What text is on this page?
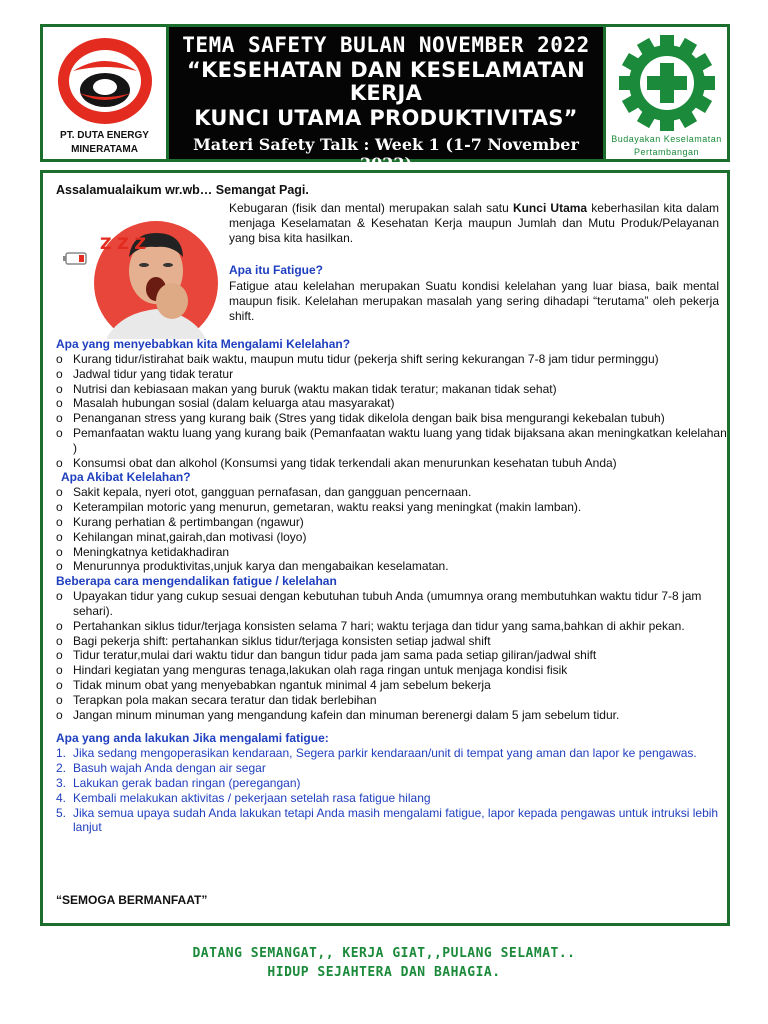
PT. DUTA ENERGY
MINERATAMA
TEMA SAFETY BULAN NOVEMBER 2022
“KESEHATAN DAN KESELAMATAN KERJA
KUNCI UTAMA PRODUKTIVITAS”
Materi Safety Talk : Week 1 (1-7 November 2022)
PENGELOLAAN KELELAHAN (FATIGUE MANAGEMENT)
Budayakan Keselamatan
Pertambangan
Assalamualaikum wr.wb… Semangat Pagi.
Z Z Z
Kebugaran (fisik dan mental) merupakan salah satu Kunci Utama keberhasilan kita dalam menjaga Keselamatan & Kesehatan Kerja maupun Jumlah dan Mutu Produk/Pelayanan yang bisa kita hasilkan.
Apa itu Fatigue?
Fatigue atau kelelahan merupakan Suatu kondisi kelelahan yang luar biasa, baik mental maupun fisik. Kelelahan merupakan masalah yang sering dihadapi “terutama” oleh pekerja shift.
Apa yang menyebabkan kita Mengalami Kelelahan?
o Kurang tidur/istirahat baik waktu, maupun mutu tidur (pekerja shift sering kekurangan 7-8 jam tidur perminggu)
o Jadwal tidur yang tidak teratur
o Nutrisi dan kebiasaan makan yang buruk (waktu makan tidak teratur; makanan tidak sehat)
o Masalah hubungan sosial (dalam keluarga atau masyarakat)
o Penanganan stress yang kurang baik (Stres yang tidak dikelola dengan baik bisa mengurangi kekebalan tubuh)
o Pemanfaatan waktu luang yang kurang baik (Pemanfaatan waktu luang yang tidak bijaksana akan meningkatkan kelelahan )
o Konsumsi obat dan alkohol (Konsumsi yang tidak terkendali akan menurunkan kesehatan tubuh Anda)
Apa Akibat Kelelahan?
o Sakit kepala, nyeri otot, gangguan pernafasan, dan gangguan pencernaan.
o Keterampilan motoric yang menurun, gemetaran, waktu reaksi yang meningkat (makin lamban).
o Kurang perhatian & pertimbangan (ngawur)
o Kehilangan minat,gairah,dan motivasi (loyo)
o Meningkatnya ketidakhadiran
o Menurunnya produktivitas,unjuk karya dan mengabaikan keselamatan.
Beberapa cara mengendalikan fatigue / kelelahan
o Upayakan tidur yang cukup sesuai dengan kebutuhan tubuh Anda (umumnya orang membutuhkan waktu tidur 7-8 jam sehari).
o Pertahankan siklus tidur/terjaga konsisten selama 7 hari; waktu terjaga dan tidur yang sama,bahkan di akhir pekan.
o Bagi pekerja shift: pertahankan siklus tidur/terjaga konsisten setiap jadwal shift
o Tidur teratur,mulai dari waktu tidur dan bangun tidur pada jam sama pada setiap giliran/jadwal shift
o Hindari kegiatan yang menguras tenaga,lakukan olah raga ringan untuk menjaga kondisi fisik
o Tidak minum obat yang menyebabkan ngantuk minimal 4 jam sebelum bekerja
o Terapkan pola makan secara teratur dan tidak berlebihan
o Jangan minum minuman yang mengandung kafein dan minuman berenergi dalam 5 jam sebelum tidur.
Apa yang anda lakukan Jika mengalami fatigue:
1. Jika sedang mengoperasikan kendaraan, Segera parkir kendaraan/unit di tempat yang aman dan lapor ke pengawas.
2. Basuh wajah Anda dengan air segar
3. Lakukan gerak badan ringan (peregangan)
4. Kembali melakukan aktivitas / pekerjaan setelah rasa fatigue hilang
5. Jika semua upaya sudah Anda lakukan tetapi Anda masih mengalami fatigue, lapor kepada pengawas untuk intruksi lebih lanjut
“SEMOGA BERMANFAAT”
DATANG SEMANGAT,, KERJA GIAT,,PULANG SELAMAT..
HIDUP SEJAHTERA DAN BAHAGIA.
